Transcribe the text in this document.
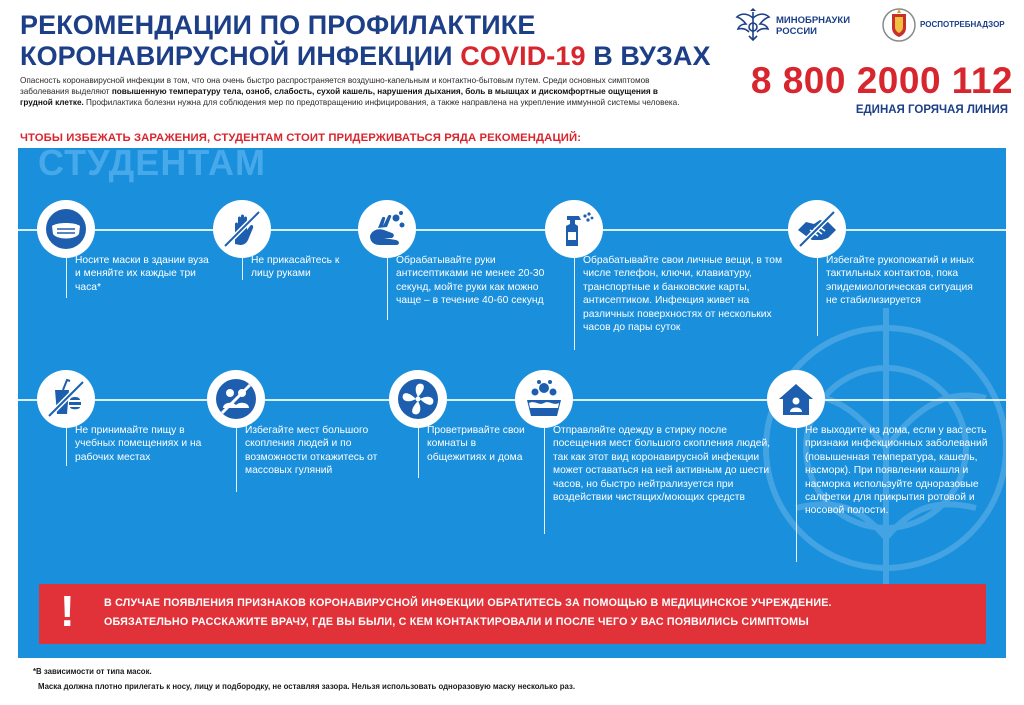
РЕКОМЕНДАЦИИ ПО ПРОФИЛАКТИКЕ
КОРОНАВИРУСНОЙ ИНФЕКЦИИ COVID-19 В ВУЗАХ

Опасность коронавирусной инфекции в том, что она очень быстро распространяется воздушно-капельным и контактно-бытовым путем. Среди основных симптомов заболевания выделяют повышенную температуру тела, озноб, слабость, сухой кашель, нарушения дыхания, боль в мышцах и дискомфортные ощущения в грудной клетке. Профилактика болезни нужна для соблюдения мер по предотвращению инфицирования, а также направлена на укрепление иммунной системы человека.

МИНОБРНАУКИ
РОССИИ
РОСПОТРЕБНАДЗОР
8 800 2000 112
ЕДИНАЯ ГОРЯЧАЯ ЛИНИЯ
ЧТОБЫ ИЗБЕЖАТЬ ЗАРАЖЕНИЯ, СТУДЕНТАМ СТОИТ ПРИДЕРЖИВАТЬСЯ РЯДА РЕКОМЕНДАЦИЙ:
СТУДЕНТАМ
Носите маски в здании вуза и меняйте их каждые три часа*
Не прикасайтесь к лицу руками
Обрабатывайте руки антисептиками не менее 20-30 секунд, мойте руки как можно чаще – в течение 40-60 секунд
Обрабатывайте свои личные вещи, в том числе телефон, ключи, клавиатуру, транспортные и банковские карты, антисептиком. Инфекция живет на различных поверхностях от нескольких часов до пары суток
Избегайте рукопожатий и иных тактильных контактов, пока эпидемиологическая ситуация не стабилизируется
Не принимайте пищу в учебных помещениях и на рабочих местах
Избегайте мест большого скопления людей и по возможности откажитесь от массовых гуляний
Проветривайте свои комнаты в общежитиях и дома
Отправляйте одежду в стирку после посещения мест большого скопления людей, так как этот вид коронавирусной инфекции может оставаться на ней активным до шести часов, но быстро нейтрализуется при воздействии чистящих/моющих средств
Не выходите из дома, если у вас есть признаки инфекционных заболеваний (повышенная температура, кашель, насморк). При появлении кашля и насморка используйте одноразовые салфетки для прикрытия ротовой и носовой полости.
!	В СЛУЧАЕ ПОЯВЛЕНИЯ ПРИЗНАКОВ КОРОНАВИРУСНОЙ ИНФЕКЦИИ ОБРАТИТЕСЬ ЗА ПОМОЩЬЮ В МЕДИЦИНСКОЕ УЧРЕЖДЕНИЕ.
ОБЯЗАТЕЛЬНО РАССКАЖИТЕ ВРАЧУ, ГДЕ ВЫ БЫЛИ, С КЕМ КОНТАКТИРОВАЛИ И ПОСЛЕ ЧЕГО У ВАС ПОЯВИЛИСЬ СИМПТОМЫ
*В зависимости от типа масок.
Маска должна плотно прилегать к носу, лицу и подбородку, не оставляя зазора. Нельзя использовать одноразовую маску несколько раз.
